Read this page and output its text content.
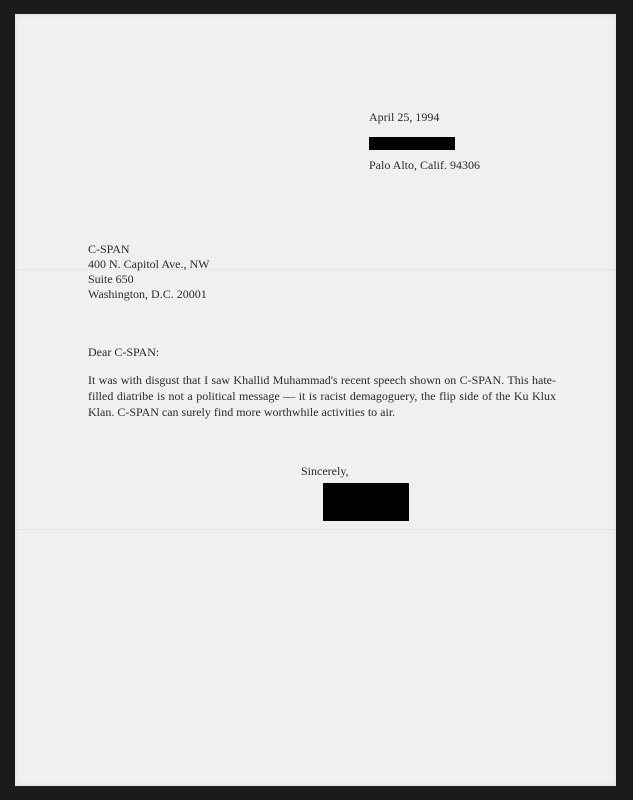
April 25, 1994
Palo Alto, Calif. 94306
C-SPAN
400 N. Capitol Ave., NW
Suite 650
Washington, D.C. 20001
Dear C-SPAN:
It was with disgust that I saw Khallid Muhammad's recent speech shown on C-SPAN. This hate-filled diatribe is not a political message — it is racist demagoguery, the flip side of the Ku Klux Klan. C-SPAN can surely find more worthwhile activities to air.
Sincerely,
